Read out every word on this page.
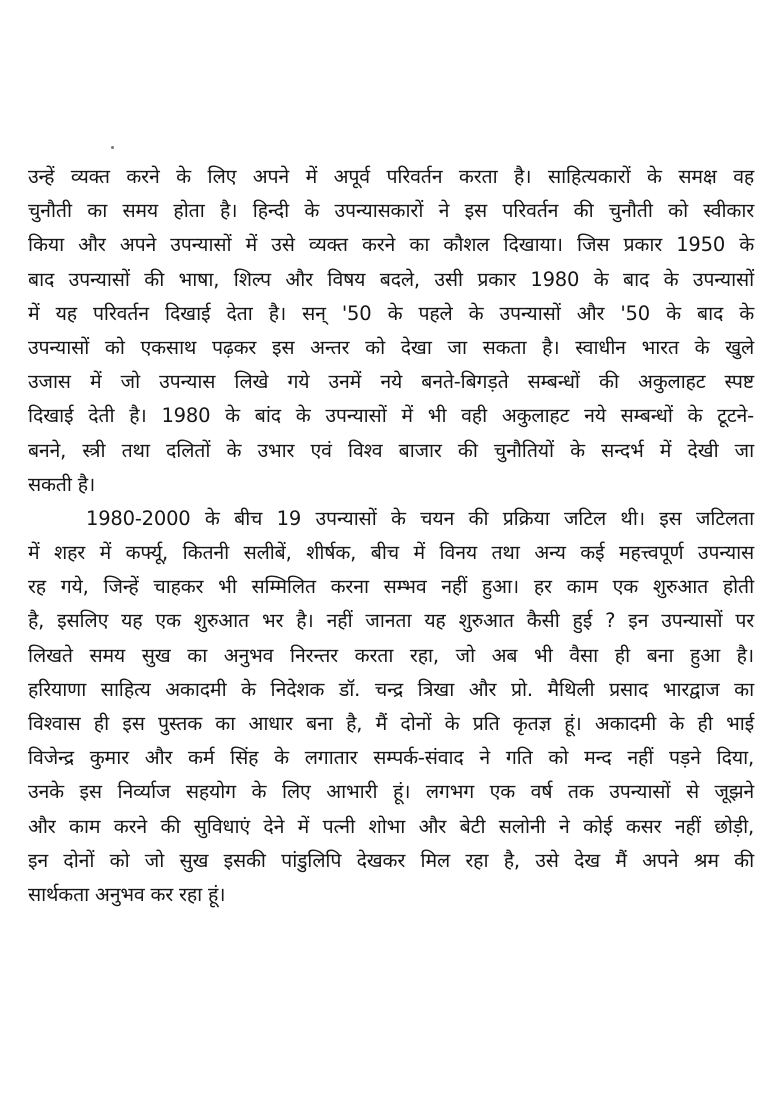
उन्हें व्यक्त करने के लिए अपने में अपूर्व परिवर्तन करता है। साहित्यकारों के समक्ष वह
चुनौती का समय होता है। हिन्दी के उपन्यासकारों ने इस परिवर्तन की चुनौती को स्वीकार
किया और अपने उपन्यासों में उसे व्यक्त करने का कौशल दिखाया। जिस प्रकार 1950 के
बाद उपन्यासों की भाषा, शिल्प और विषय बदले, उसी प्रकार 1980 के बाद के उपन्यासों
में यह परिवर्तन दिखाई देता है। सन् '50 के पहले के उपन्यासों और '50 के बाद के
उपन्यासों को एकसाथ पढ़कर इस अन्तर को देखा जा सकता है। स्वाधीन भारत के खुले
उजास में जो उपन्यास लिखे गये उनमें नये बनते-बिगड़ते सम्बन्धों की अकुलाहट स्पष्ट
दिखाई देती है। 1980 के बांद के उपन्यासों में भी वही अकुलाहट नये सम्बन्धों के टूटने-
बनने, स्त्री तथा दलितों के उभार एवं विश्व बाजार की चुनौतियों के सन्दर्भ में देखी जा
सकती है।
1980-2000 के बीच 19 उपन्यासों के चयन की प्रक्रिया जटिल थी। इस जटिलता
में शहर में कर्फ्यू, कितनी सलीबें, शीर्षक, बीच में विनय तथा अन्य कई महत्त्वपूर्ण उपन्यास
रह गये, जिन्हें चाहकर भी सम्मिलित करना सम्भव नहीं हुआ। हर काम एक शुरुआत होती
है, इसलिए यह एक शुरुआत भर है। नहीं जानता यह शुरुआत कैसी हुई ? इन उपन्यासों पर
लिखते समय सुख का अनुभव निरन्तर करता रहा, जो अब भी वैसा ही बना हुआ है।
हरियाणा साहित्य अकादमी के निदेशक डॉ. चन्द्र त्रिखा और प्रो. मैथिली प्रसाद भारद्वाज का
विश्वास ही इस पुस्तक का आधार बना है, मैं दोनों के प्रति कृतज्ञ हूं। अकादमी के ही भाई
विजेन्द्र कुमार और कर्म सिंह के लगातार सम्पर्क-संवाद ने गति को मन्द नहीं पड़ने दिया,
उनके इस निर्व्याज सहयोग के लिए आभारी हूं। लगभग एक वर्ष तक उपन्यासों से जूझने
और काम करने की सुविधाएं देने में पत्नी शोभा और बेटी सलोनी ने कोई कसर नहीं छोड़ी,
इन दोनों को जो सुख इसकी पांडुलिपि देखकर मिल रहा है, उसे देख मैं अपने श्रम की
सार्थकता अनुभव कर रहा हूं।
